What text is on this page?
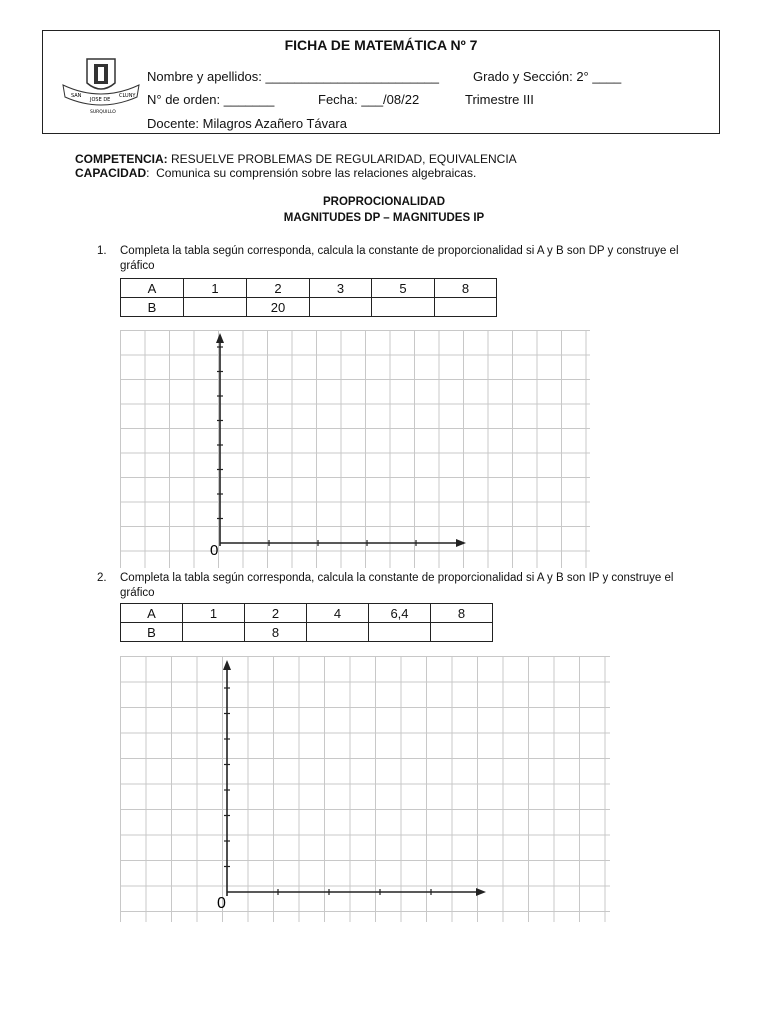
FICHA DE MATEMÁTICA Nº 7
SAN
JOSE DE
CLUNY
SURQUILLO
Nombre y apellidos: ________________________	Grado y Sección: 2° ____
N° de orden: _______	Fecha: ___/08/22	Trimestre III
Docente: Milagros Azañero Távara
COMPETENCIA: RESUELVE PROBLEMAS DE REGULARIDAD, EQUIVALENCIA
CAPACIDAD:  Comunica su comprensión sobre las relaciones algebraicas.
PROPROCIONALIDAD
MAGNITUDES DP – MAGNITUDES IP
1. Completa la tabla según corresponda, calcula la constante de proporcionalidad si A y B son DP y construye el gráfico
A	1	2	3	5	8
B		20			
0
2. Completa la tabla según corresponda, calcula la constante de proporcionalidad si A y B son IP y construye el gráfico
A	1	2	4	6,4	8
B		8			
0
